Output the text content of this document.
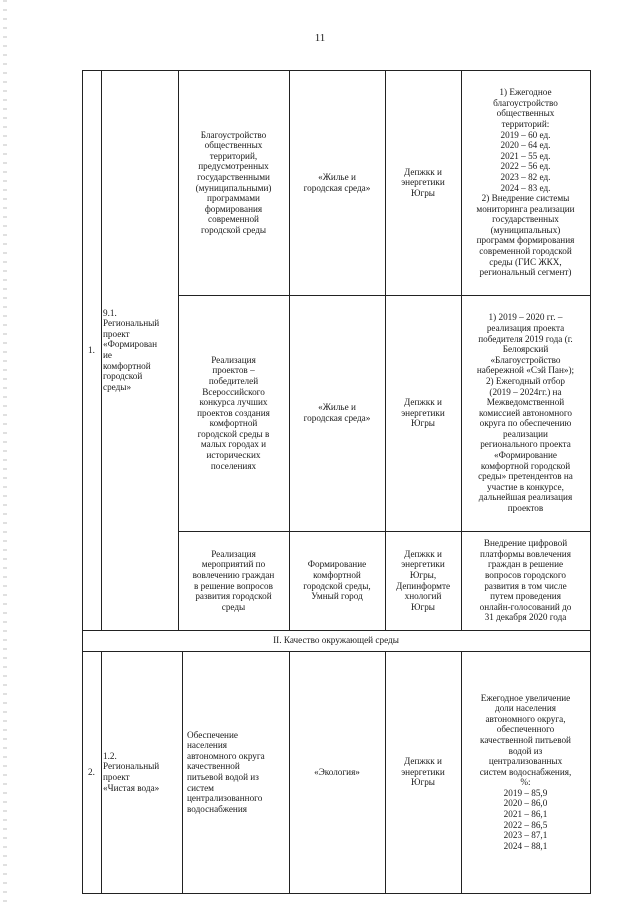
11
1.
9.1.
Региональный
проект
«Формирован
ие
комфортной
городской
среды»
Благоустройство
общественных
территорий,
предусмотренных
государственными
(муниципальными)
программами
формирования
современной
городской среды
«Жилье и
городская среда»
Депжкк и
энергетики
Югры
1) Ежегодное
благоустройство
общественных
территорий:
2019 – 60 ед.
2020 – 64 ед.
2021 – 55 ед.
2022 – 56 ед.
2023 – 82 ед.
2024 – 83 ед.
2) Внедрение системы
мониторинга реализации
государственных
(муниципальных)
программ формирования
современной городской
среды (ГИС ЖКХ,
региональный сегмент)
Реализация
проектов –
победителей
Всероссийского
конкурса лучших
проектов создания
комфортной
городской среды в
малых городах и
исторических
поселениях
«Жилье и
городская среда»
Депжкк и
энергетики
Югры
1) 2019 – 2020 гг. –
реализация проекта
победителя 2019 года (г.
Белоярский
«Благоустройство
набережной «Сэй Пан»);
2) Ежегодный отбор
(2019 – 2024гг.) на
Межведомственной
комиссией автономного
округа по обеспечению
реализации
регионального проекта
«Формирование
комфортной городской
среды» претендентов на
участие в конкурсе,
дальнейшая реализация
проектов
Реализация
мероприятий по
вовлечению граждан
в решение вопросов
развития городской
среды
Формирование
комфортной
городской среды,
Умный город
Депжкк и
энергетики
Югры,
Депинформте
хнологий
Югры
Внедрение цифровой
платформы вовлечения
граждан в решение
вопросов городского
развития в том числе
путем проведения
онлайн-голосований до
31 декабря 2020 года
II. Качество окружающей среды
2.
1.2.
Региональный
проект
«Чистая вода»
Обеспечение
населения
автономного округа
качественной
питьевой водой из
систем
централизованного
водоснабжения
«Экология»
Депжкк и
энергетики
Югры
Ежегодное увеличение
доли населения
автономного округа,
обеспеченного
качественной питьевой
водой из
централизованных
систем водоснабжения,
%:
2019 – 85,9
2020 – 86,0
2021 – 86,1
2022 – 86,5
2023 – 87,1
2024 – 88,1
